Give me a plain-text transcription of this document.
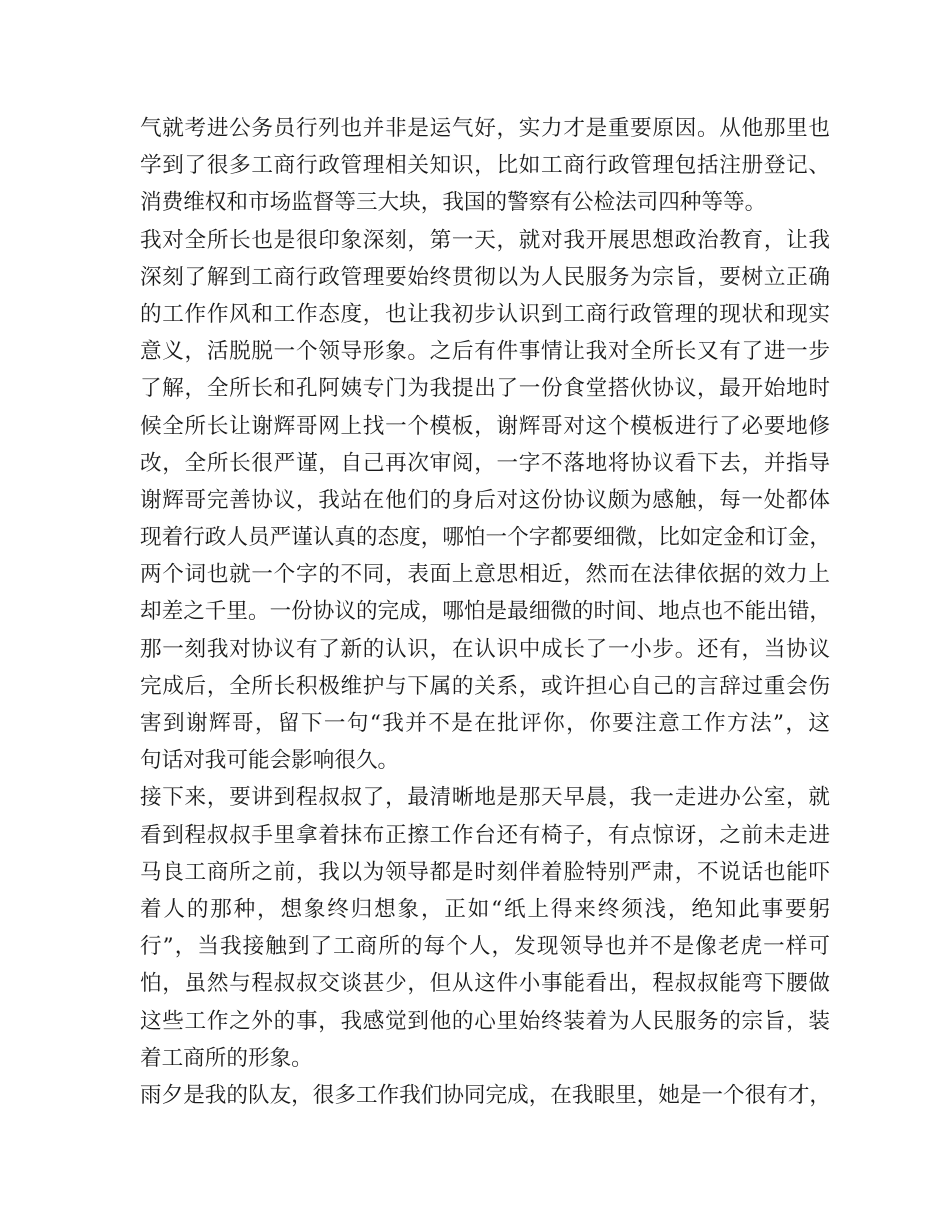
气就考进公务员行列也并非是运气好，实力才是重要原因。从他那里也
学到了很多工商行政管理相关知识，比如工商行政管理包括注册登记、
消费维权和市场监督等三大块，我国的警察有公检法司四种等等。
我对全所长也是很印象深刻，第一天，就对我开展思想政治教育，让我
深刻了解到工商行政管理要始终贯彻以为人民服务为宗旨，要树立正确
的工作作风和工作态度，也让我初步认识到工商行政管理的现状和现实
意义，活脱脱一个领导形象。之后有件事情让我对全所长又有了进一步
了解，全所长和孔阿姨专门为我提出了一份食堂搭伙协议，最开始地时
候全所长让谢辉哥网上找一个模板，谢辉哥对这个模板进行了必要地修
改，全所长很严谨，自己再次审阅，一字不落地将协议看下去，并指导
谢辉哥完善协议，我站在他们的身后对这份协议颇为感触，每一处都体
现着行政人员严谨认真的态度，哪怕一个字都要细微，比如定金和订金，
两个词也就一个字的不同，表面上意思相近，然而在法律依据的效力上
却差之千里。一份协议的完成，哪怕是最细微的时间、地点也不能出错，
那一刻我对协议有了新的认识，在认识中成长了一小步。还有，当协议
完成后，全所长积极维护与下属的关系，或许担心自己的言辞过重会伤
害到谢辉哥，留下一句“我并不是在批评你，你要注意工作方法”，这
句话对我可能会影响很久。
接下来，要讲到程叔叔了，最清晰地是那天早晨，我一走进办公室，就
看到程叔叔手里拿着抹布正擦工作台还有椅子，有点惊讶，之前未走进
马良工商所之前，我以为领导都是时刻伴着脸特别严肃，不说话也能吓
着人的那种，想象终归想象，正如“纸上得来终须浅，绝知此事要躬
行”，当我接触到了工商所的每个人，发现领导也并不是像老虎一样可
怕，虽然与程叔叔交谈甚少，但从这件小事能看出，程叔叔能弯下腰做
这些工作之外的事，我感觉到他的心里始终装着为人民服务的宗旨，装
着工商所的形象。
雨夕是我的队友，很多工作我们协同完成，在我眼里，她是一个很有才，
